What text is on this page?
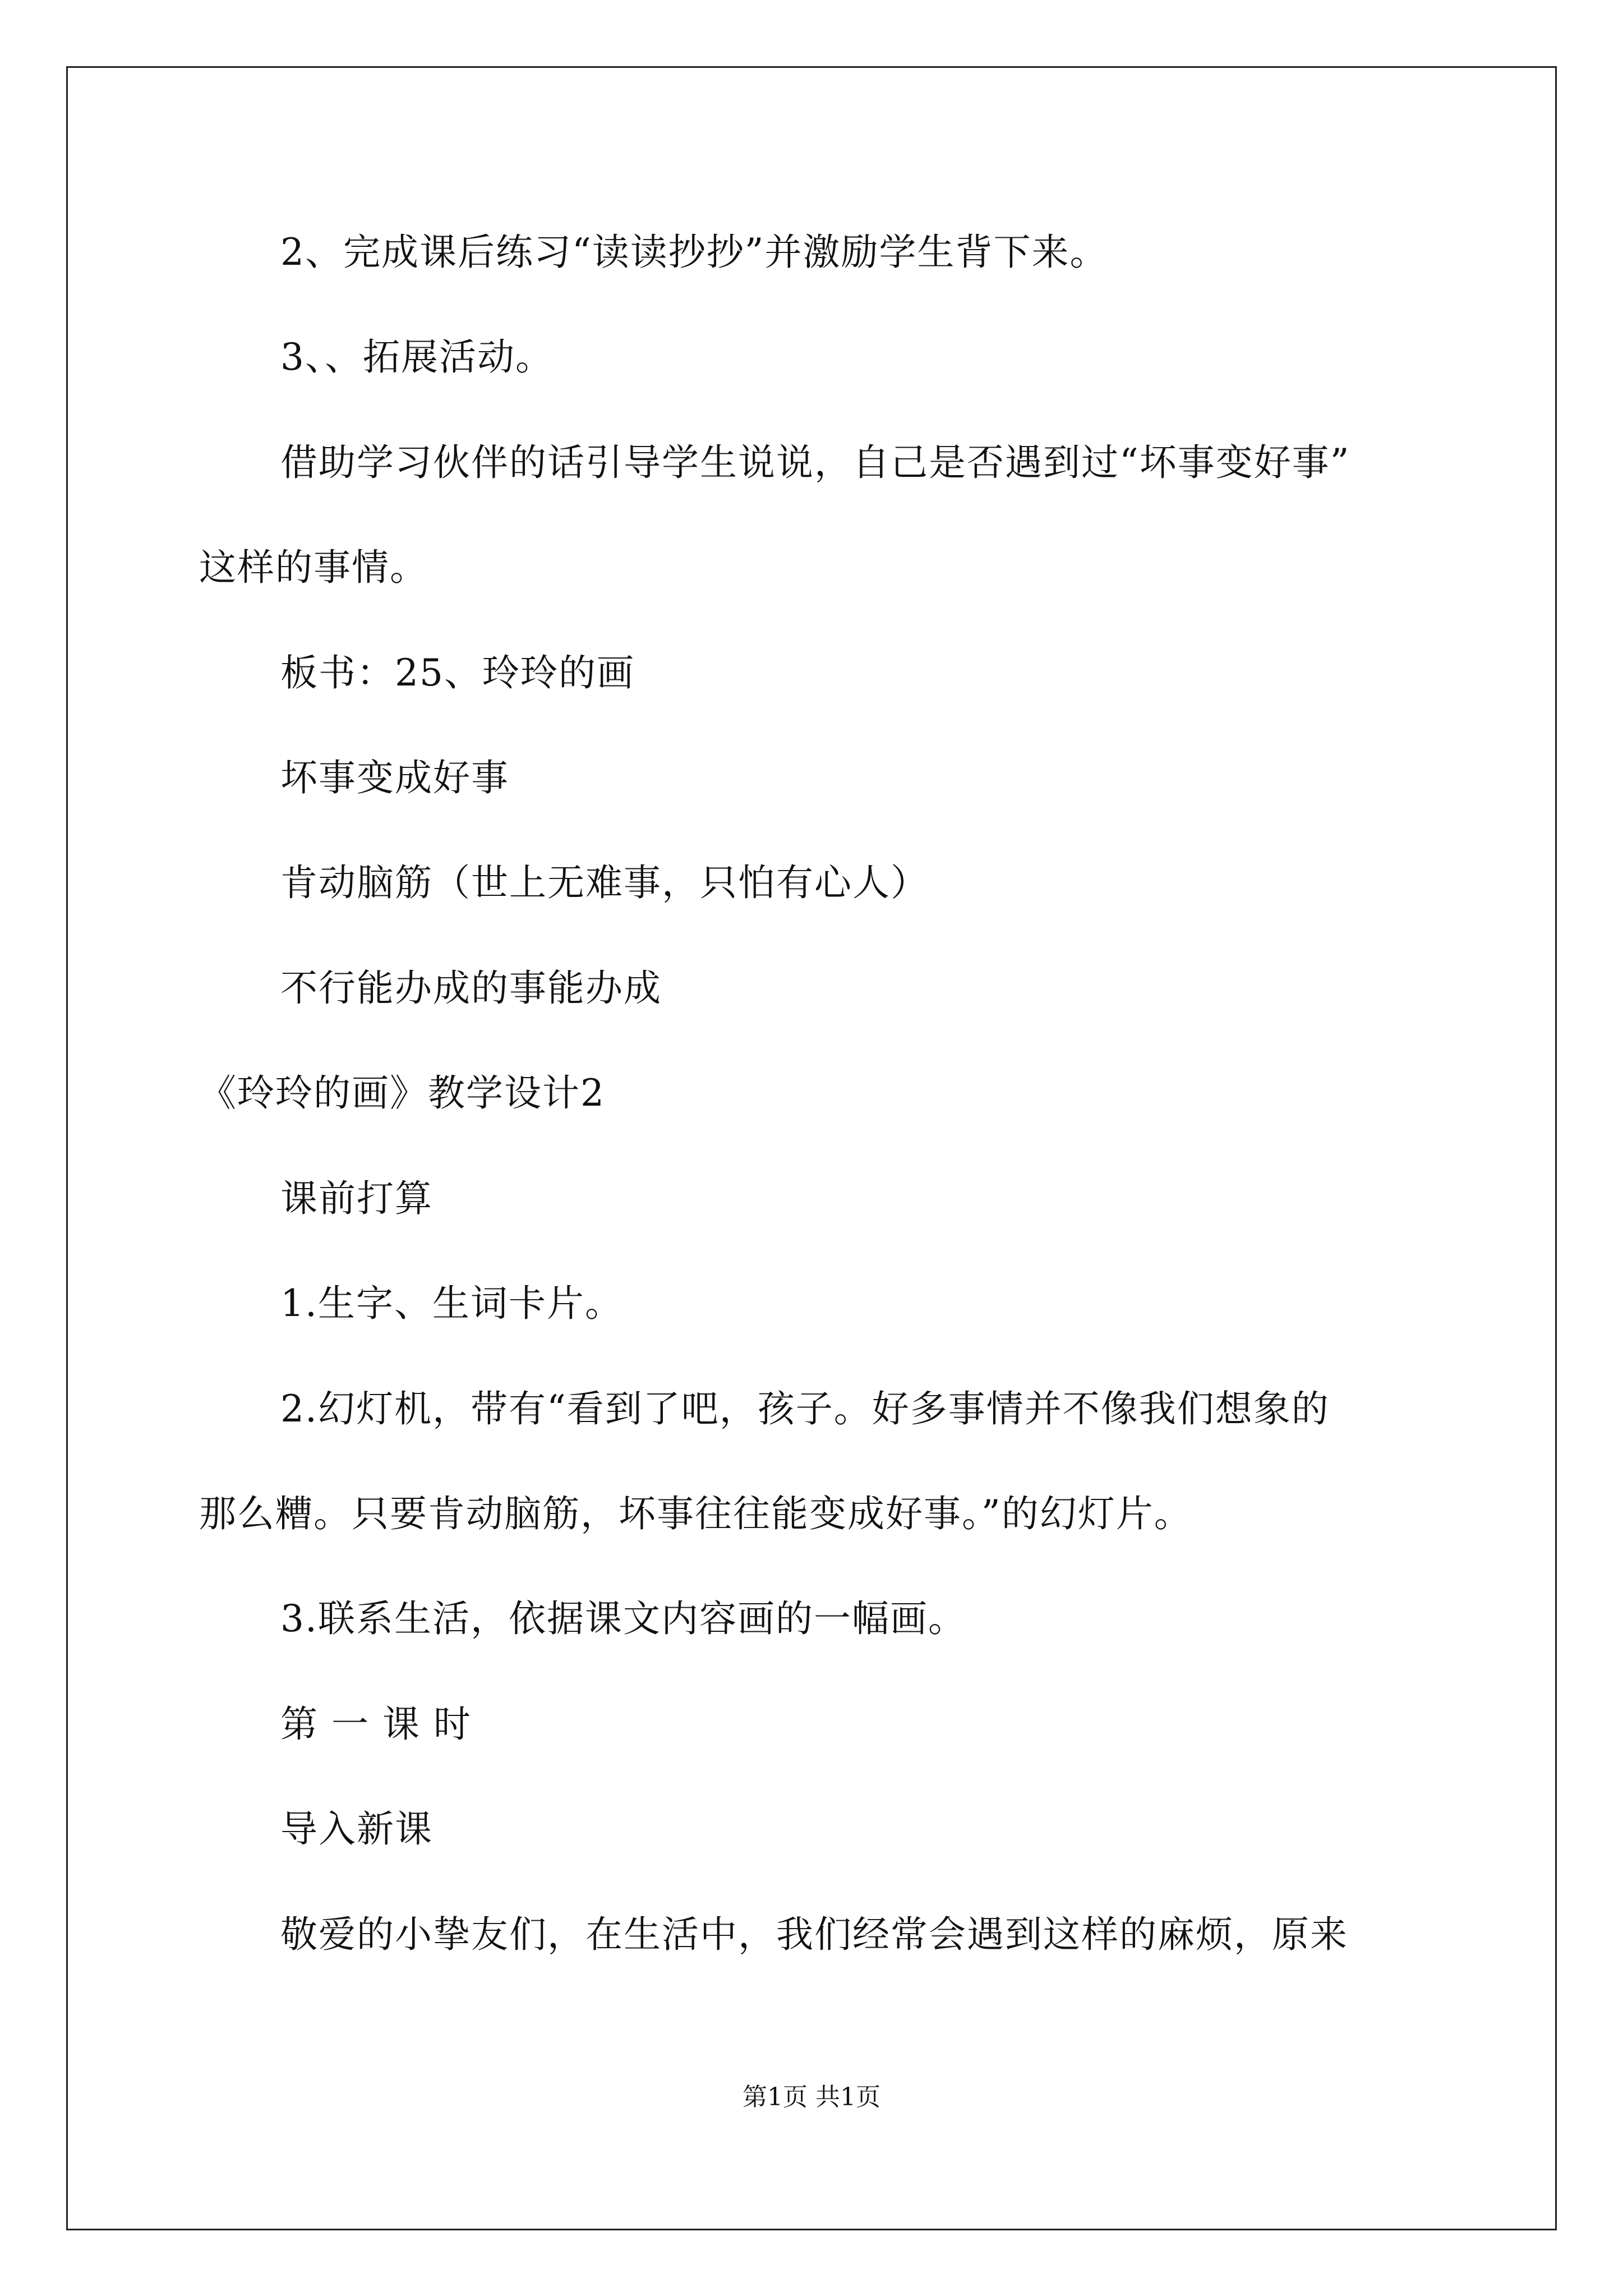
2、完成课后练习“读读抄抄”并激励学生背下来。
3、、拓展活动。
借助学习伙伴的话引导学生说说，自己是否遇到过“坏事变好事”
这样的事情。
板书：25、玲玲的画
坏事变成好事
肯动脑筋（世上无难事，只怕有心人）
不行能办成的事能办成
《玲玲的画》教学设计2
课前打算
1.生字、生词卡片。
2.幻灯机，带有“看到了吧，孩子。好多事情并不像我们想象的
那么糟。只要肯动脑筋，坏事往往能变成好事。”的幻灯片。
3.联系生活，依据课文内容画的一幅画。
第 一 课 时
导入新课
敬爱的小挚友们，在生活中，我们经常会遇到这样的麻烦，原来
第1页 共1页
